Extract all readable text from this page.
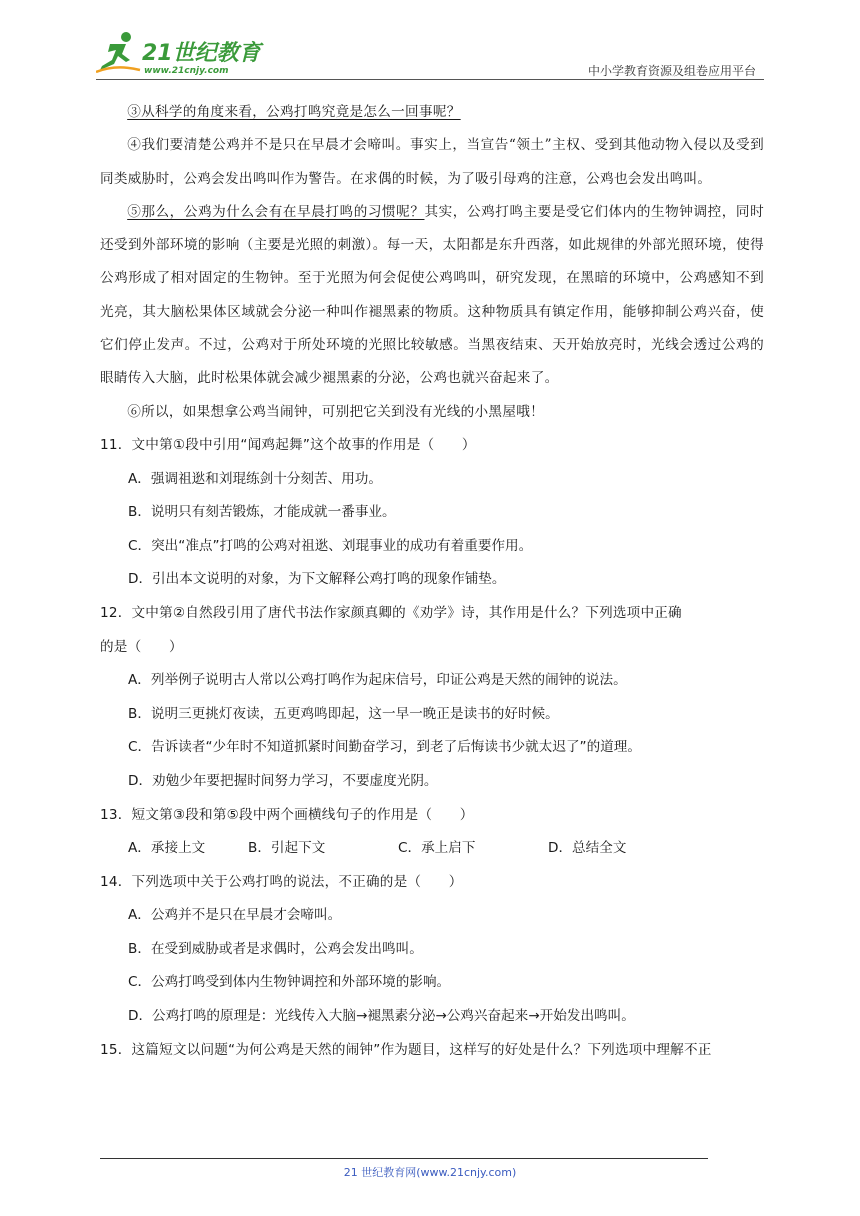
21世纪教育
www.21cnjy.com	中小学教育资源及组卷应用平台

③从科学的角度来看，公鸡打鸣究竟是怎么一回事呢？

④我们要清楚公鸡并不是只在早晨才会啼叫。事实上，当宣告“领土”主权、受到其他动物入侵以及受到同类威胁时，公鸡会发出鸣叫作为警告。在求偶的时候，为了吸引母鸡的注意，公鸡也会发出鸣叫。

⑤那么，公鸡为什么会有在早晨打鸣的习惯呢？其实，公鸡打鸣主要是受它们体内的生物钟调控，同时还受到外部环境的影响（主要是光照的刺激）。每一天，太阳都是东升西落，如此规律的外部光照环境，使得公鸡形成了相对固定的生物钟。至于光照为何会促使公鸡鸣叫，研究发现，在黑暗的环境中，公鸡感知不到光亮，其大脑松果体区域就会分泌一种叫作褪黑素的物质。这种物质具有镇定作用，能够抑制公鸡兴奋，使它们停止发声。不过，公鸡对于所处环境的光照比较敏感。当黑夜结束、天开始放亮时，光线会透过公鸡的眼睛传入大脑，此时松果体就会减少褪黑素的分泌，公鸡也就兴奋起来了。

⑥所以，如果想拿公鸡当闹钟，可别把它关到没有光线的小黑屋哦！

11．文中第①段中引用“闻鸡起舞”这个故事的作用是（　　）

A．强调祖逖和刘琨练剑十分刻苦、用功。

B．说明只有刻苦锻炼，才能成就一番事业。

C．突出“准点”打鸣的公鸡对祖逖、刘琨事业的成功有着重要作用。

D．引出本文说明的对象，为下文解释公鸡打鸣的现象作铺垫。

12．文中第②自然段引用了唐代书法作家颜真卿的《劝学》诗，其作用是什么？下列选项中正 ·确 ·的是（　　）

A．列举例子说明古人常以公鸡打鸣作为起床信号，印证公鸡是天然的闹钟的说法。

B．说明三更挑灯夜读，五更鸡鸣即起，这一早一晚正是读书的好时候。

C．告诉读者“少年时不知道抓紧时间勤奋学习，到老了后悔读书少就太迟了”的道理。

D．劝勉少年要把握时间努力学习，不要虚度光阴。

13．短文第③段和第⑤段中两个画横线句子的作用是（　　）

A．承接上文	B．引起下文	C．承上启下	D．总结全文

14．下列选项中关于公鸡打鸣的说法，不正确的是（　　）

A．公鸡并不是只在早晨才会啼叫。

B．在受到威胁或者是求偶时，公鸡会发出鸣叫。

C．公鸡打鸣受到体内生物钟调控和外部环境的影响。

D．公鸡打鸣的原理是：光线传入大脑→褪黑素分泌→公鸡兴奋起来→开始发出鸣叫。

15．这篇短文以问题“为何公鸡是天然的闹钟”作为题目，这样写的好处是什么？下列选项中理解不 ·正 ·

21 世纪教育网(www.21cnjy.com)
